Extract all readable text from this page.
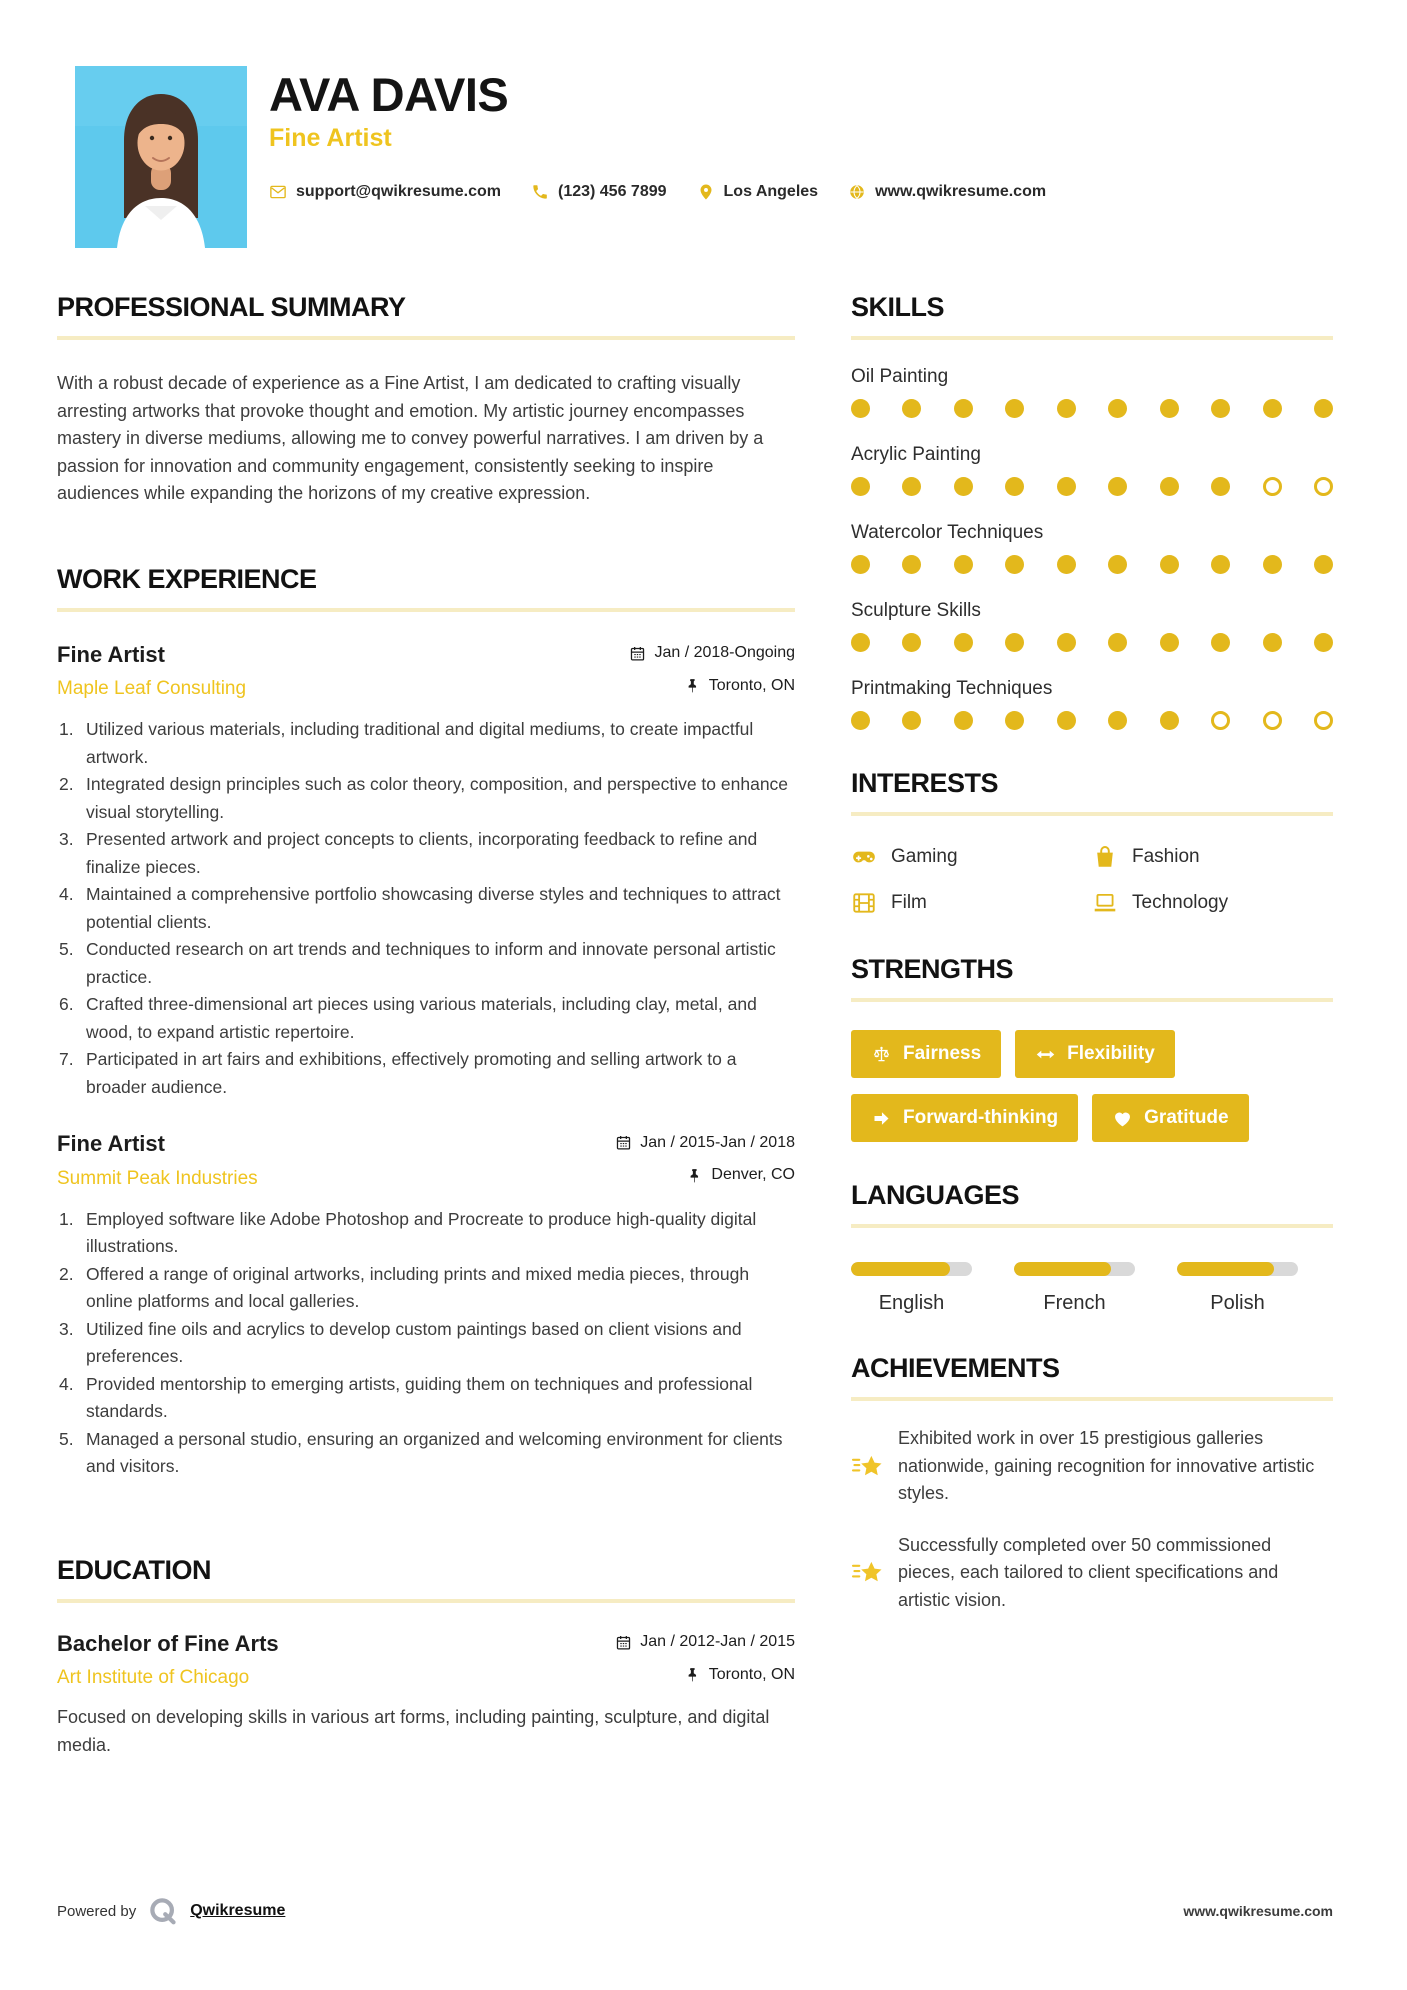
AVA DAVIS
Fine Artist
support@qwikresume.com	(123) 456 7899	Los Angeles	www.qwikresume.com
PROFESSIONAL SUMMARY

With a robust decade of experience as a Fine Artist, I am dedicated to crafting visually arresting artworks that provoke thought and emotion. My artistic journey encompasses mastery in diverse mediums, allowing me to convey powerful narratives. I am driven by a passion for innovation and community engagement, consistently seeking to inspire audiences while expanding the horizons of my creative expression.

WORK EXPERIENCE
Fine Artist	Jan / 2018-Ongoing
Maple Leaf Consulting	Toronto, ON
1. Utilized various materials, including traditional and digital mediums, to create impactful artwork.
2. Integrated design principles such as color theory, composition, and perspective to enhance visual storytelling.
3. Presented artwork and project concepts to clients, incorporating feedback to refine and finalize pieces.
4. Maintained a comprehensive portfolio showcasing diverse styles and techniques to attract potential clients.
5. Conducted research on art trends and techniques to inform and innovate personal artistic practice.
6. Crafted three-dimensional art pieces using various materials, including clay, metal, and wood, to expand artistic repertoire.
7. Participated in art fairs and exhibitions, effectively promoting and selling artwork to a broader audience.
Fine Artist	Jan / 2015-Jan / 2018
Summit Peak Industries	Denver, CO
1. Employed software like Adobe Photoshop and Procreate to produce high-quality digital illustrations.
2. Offered a range of original artworks, including prints and mixed media pieces, through online platforms and local galleries.
3. Utilized fine oils and acrylics to develop custom paintings based on client visions and preferences.
4. Provided mentorship to emerging artists, guiding them on techniques and professional standards.
5. Managed a personal studio, ensuring an organized and welcoming environment for clients and visitors.
EDUCATION
Bachelor of Fine Arts	Jan / 2012-Jan / 2015
Art Institute of Chicago	Toronto, ON

Focused on developing skills in various art forms, including painting, sculpture, and digital media.

SKILLS
Oil Painting
Acrylic Painting
Watercolor Techniques
Sculpture Skills
Printmaking Techniques
INTERESTS
Gaming	Fashion
Film	Technology
STRENGTHS
Fairness	Flexibility
Forward-thinking	Gratitude
LANGUAGES
English	French	Polish
ACHIEVEMENTS
Exhibited work in over 15 prestigious galleries nationwide, gaining recognition for innovative artistic styles.
Successfully completed over 50 commissioned pieces, each tailored to client specifications and artistic vision.
Powered by	Qwikresume	www.qwikresume.com
